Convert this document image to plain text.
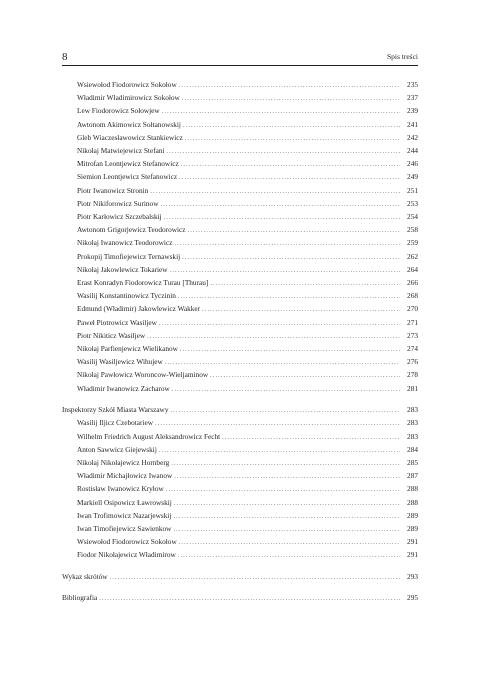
8	Spis treści
Wsiewołod Fiodorowicz Sokołow .....	235
Władimir Władimirowicz Sokołow .....	237
Lew Fiodorowicz Sołowjew .....	239
Awtonom Akimowicz Sołtanowskij .....	241
Gleb Wiaczesławowicz Stankiewicz .....	242
Nikołaj Matwiejewicz Stefani .....	244
Mitrofan Leontjewicz Stefanowicz .....	246
Siemion Leontjewicz Stefanowicz .....	249
Piotr Iwanowicz Stronin .....	251
Piotr Nikiforowicz Surinow .....	253
Piotr Karłowicz Szczebalskij .....	254
Awtonom Grigorjewicz Teodorowicz .....	258
Nikołaj Iwanowicz Teodorowicz .....	259
Prokopij Timofiejewicz Ternawskij .....	262
Nikołaj Jakowlewicz Tokariew .....	264
Erast Konradyn Fiodorowicz Turau [Thurau] .....	266
Wasilij Konstantinowicz Tyczinin .....	268
Edmund (Władimir) Jakowlewicz Wakker .....	270
Paweł Piotrowicz Wasiljew .....	271
Piotr Nikiticz Wasiljew .....	273
Nikołaj Parfienjewicz Wielikanow .....	274
Wasilij Wasiljewicz Wihujew .....	276
Nikołaj Pawłowicz Woroncow-Wieljaminow .....	278
Władimir Iwanowicz Zacharow .....	281
Inspektorzy Szkół Miasta Warszawy .....	283
Wasilij Iljicz Czebotariew .....	283
Wilhelm Friedrich August Aleksandrowicz Fecht .....	283
Anton Sawwicz Giejewskij .....	284
Nikołaj Nikołajewicz Hornberg .....	285
Władimir Michajłowicz Iwanow .....	287
Rostisław Iwanowicz Kryłow .....	288
Markiell Osipowicz Ławrowskij .....	288
Iwan Trofimowicz Nazarjewskij .....	289
Iwan Timofiejewicz Sawienkow .....	289
Wsiewołod Fiodorowicz Sokołow .....	291
Fiodor Nikołajewicz Władimirow .....	291
Wykaz skrótów .....	293
Bibliografia .....	295
